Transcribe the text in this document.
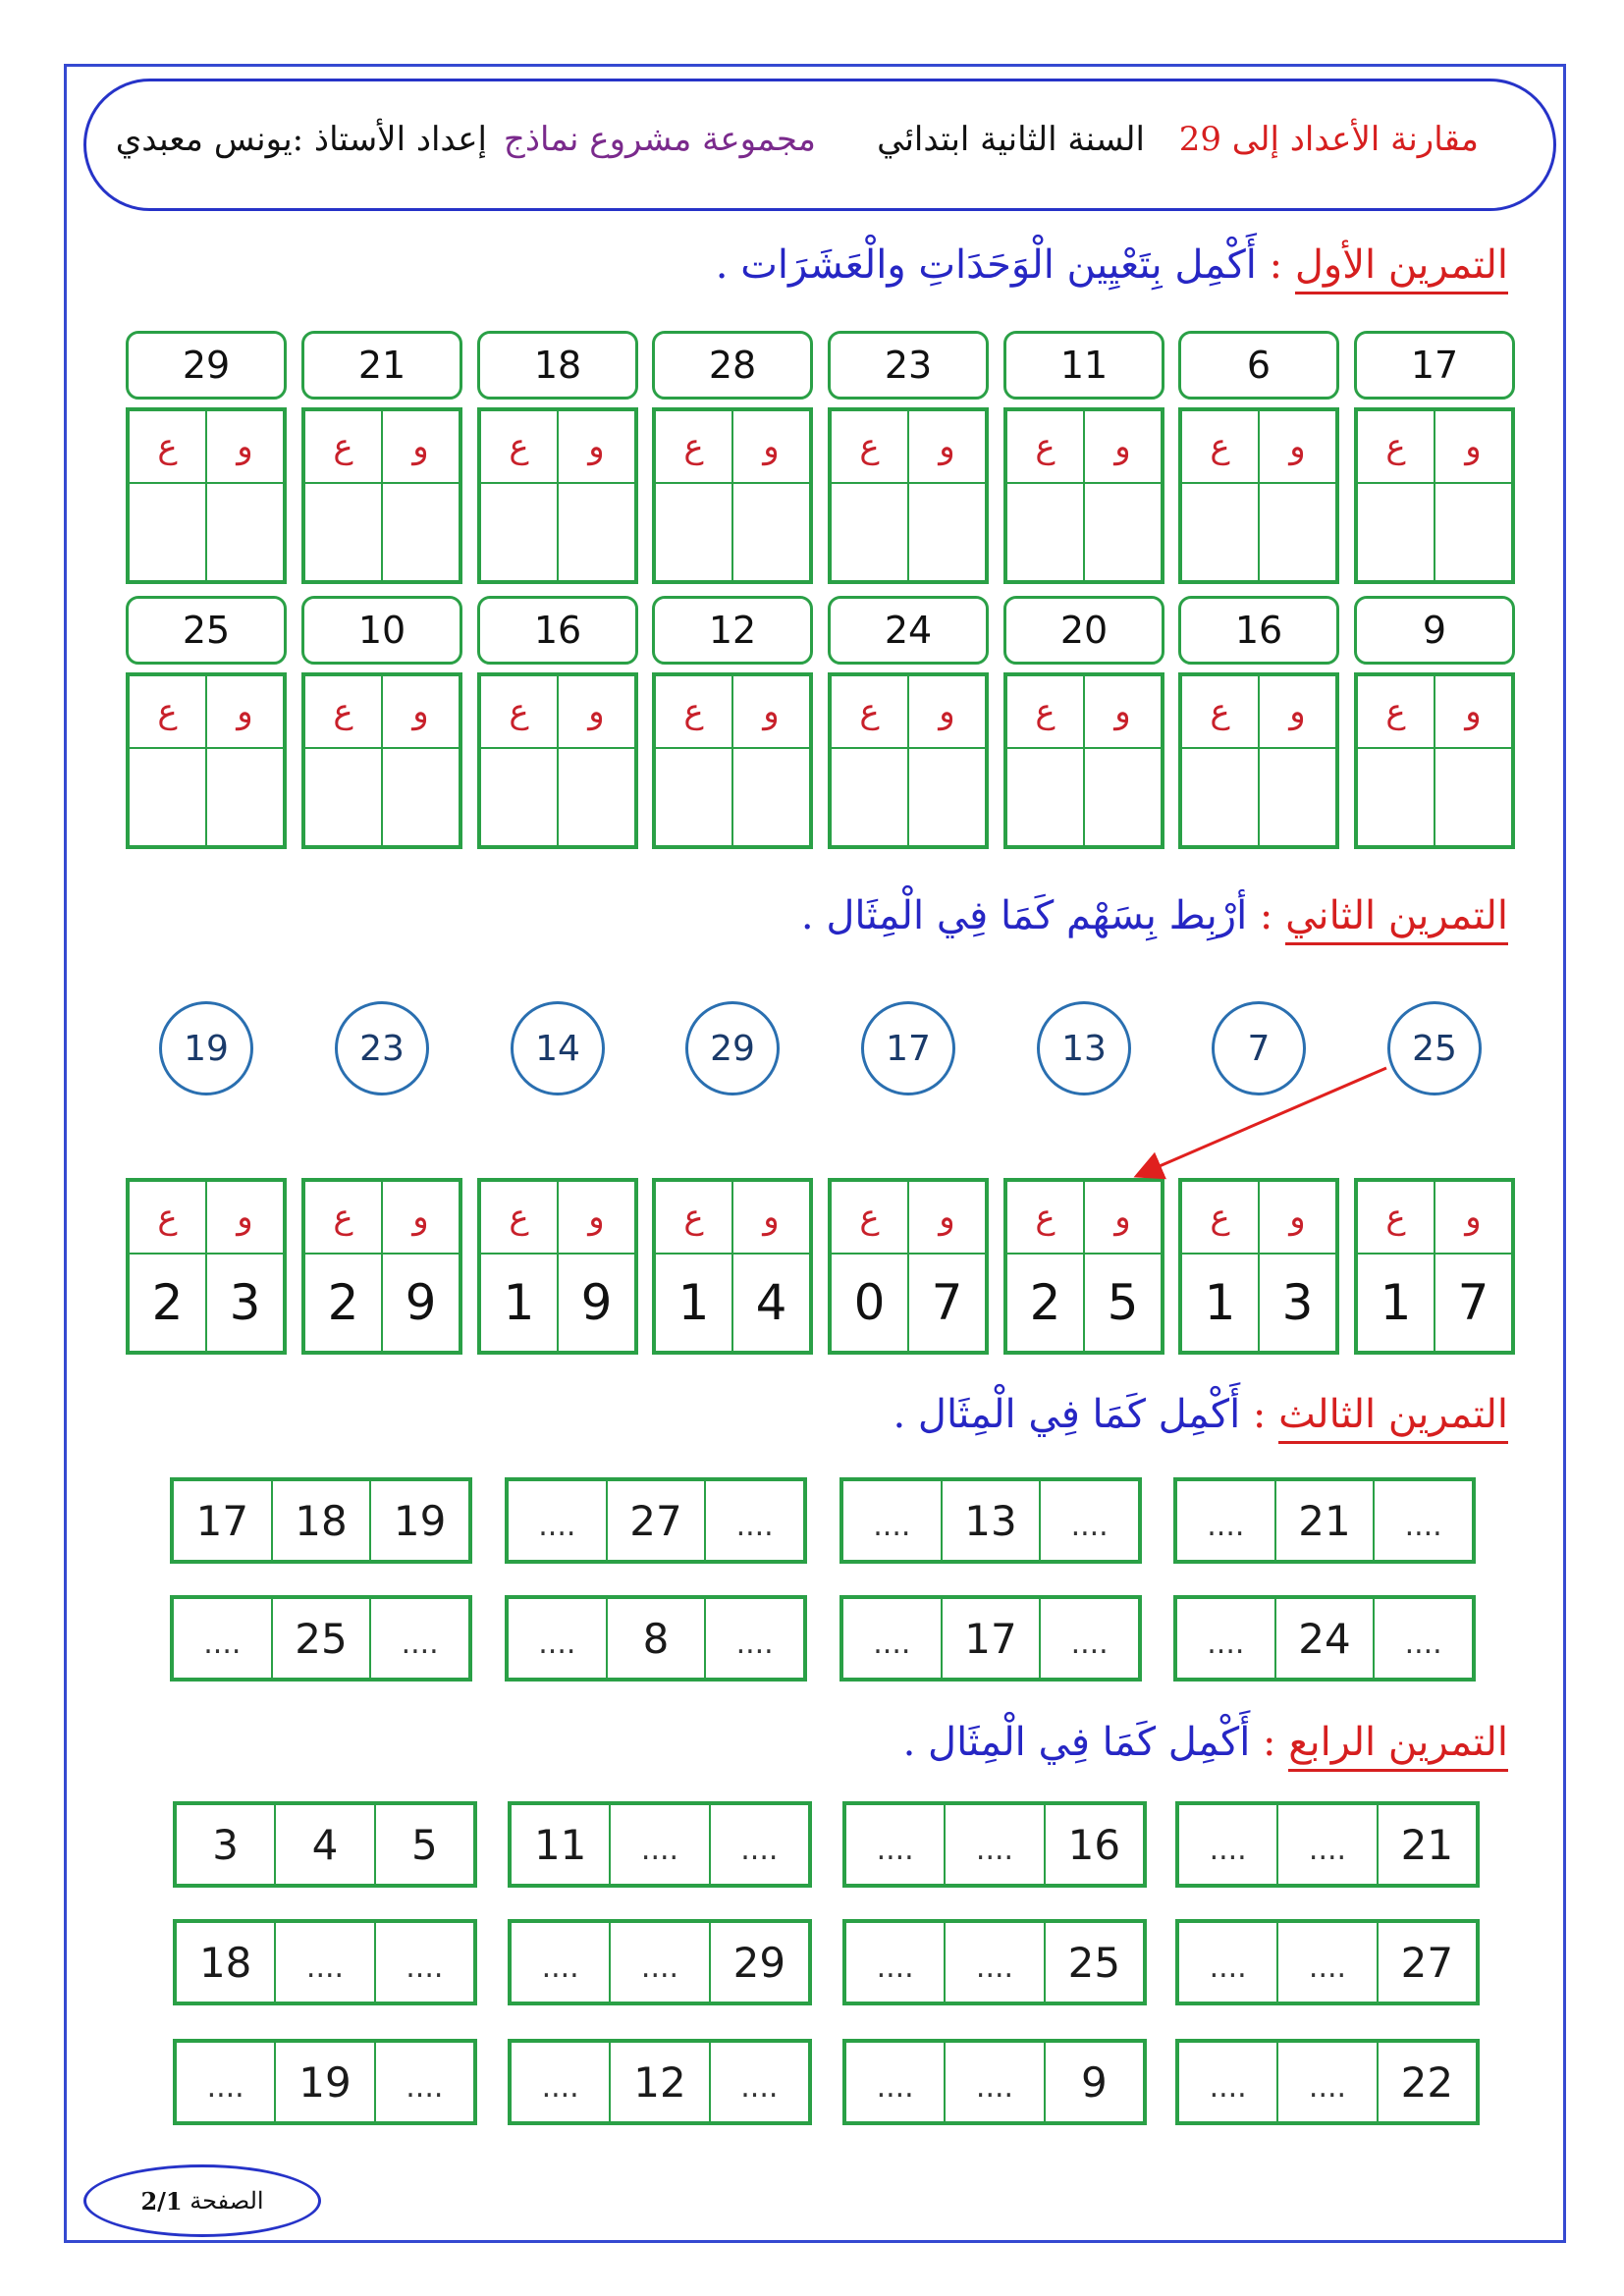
مقارنة الأعداد إلى 29
السنة الثانية ابتدائي
مجموعة مشروع نماذج
إعداد الأستاذ :يونس معبدي
التمرين الأول : أَكْمِل بِتَعْيِين الْوَحَدَاتِ والْعَشَرَات .
17
ع	و
6
ع	و
11
ع	و
23
ع	و
28
ع	و
18
ع	و
21
ع	و
29
ع	و
9
ع	و
16
ع	و
20
ع	و
24
ع	و
12
ع	و
16
ع	و
10
ع	و
25
ع	و
التمرين الثاني : أرْبِط بِسَهْم كَمَا فِي الْمِثَال .
25
7
13
17
29
14
23
19
ع	و
1 7
ع	و
1 3
ع	و
2 5
ع	و
0 7
ع	و
1 4
ع	و
1 9
ع	و
2 9
ع	و
2 3
التمرين الثالث : أَكْمِل كَمَا فِي الْمِثَال .
17	18	19	....	27	....	....	13	....	....	21	....
....	25	....	....	8	....	....	17	....	....	24	....
التمرين الرابع : أَكْمِل كَمَا فِي الْمِثَال .
3	4	5	11	....	....	....	....	16	....	....	21
18	....	....	....	....	29	....	....	25	....	....	27
....	19	....	....	12	....	....	....	9	....	....	22
الصفحة

2/1
